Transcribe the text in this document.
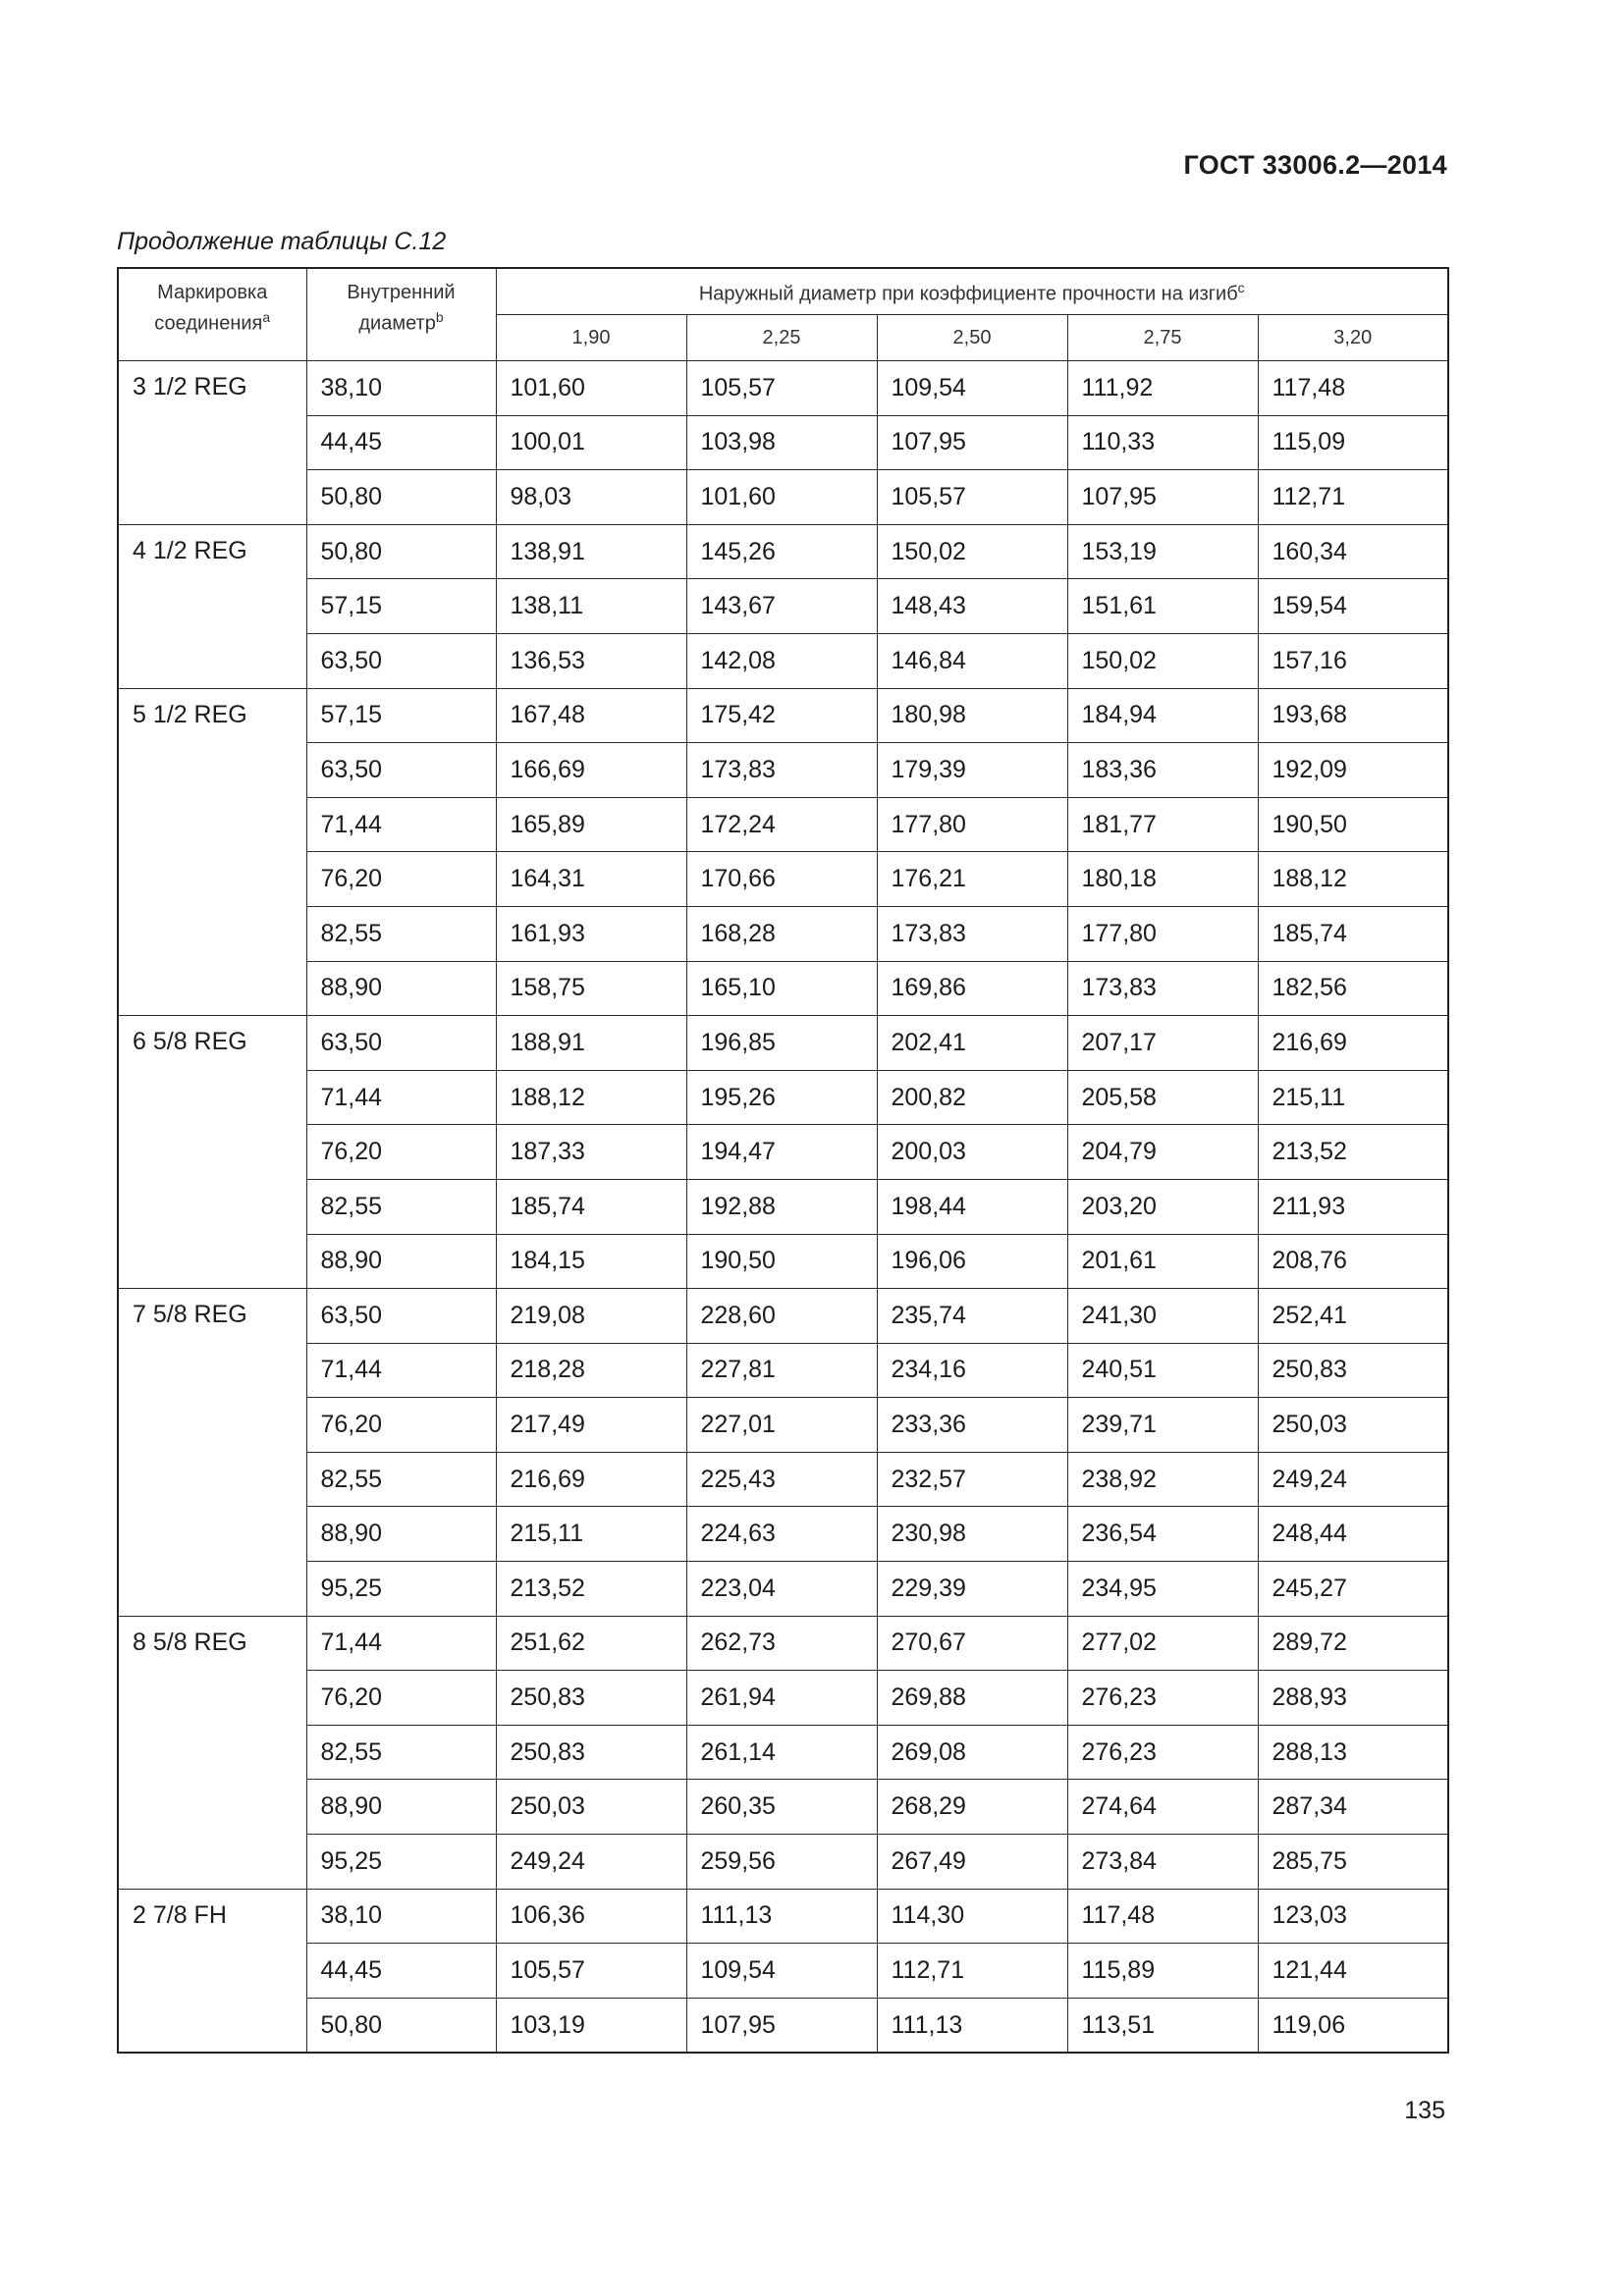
ГОСТ 33006.2—2014
Продолжение таблицы С.12
Маркировка соединения$^a$	Внутренний диаметр$^b$	Наружный диаметр при коэффициенте прочности на изгиб$^c$
		1,90	2,25	2,50	2,75	3,20
3 1/2 REG	38,10	101,60	105,57	109,54	111,92	117,48
	44,45	100,01	103,98	107,95	110,33	115,09
	50,80	98,03	101,60	105,57	107,95	112,71
4 1/2 REG	50,80	138,91	145,26	150,02	153,19	160,34
	57,15	138,11	143,67	148,43	151,61	159,54
	63,50	136,53	142,08	146,84	150,02	157,16
5 1/2 REG	57,15	167,48	175,42	180,98	184,94	193,68
	63,50	166,69	173,83	179,39	183,36	192,09
	71,44	165,89	172,24	177,80	181,77	190,50
	76,20	164,31	170,66	176,21	180,18	188,12
	82,55	161,93	168,28	173,83	177,80	185,74
	88,90	158,75	165,10	169,86	173,83	182,56
6 5/8 REG	63,50	188,91	196,85	202,41	207,17	216,69
	71,44	188,12	195,26	200,82	205,58	215,11
	76,20	187,33	194,47	200,03	204,79	213,52
	82,55	185,74	192,88	198,44	203,20	211,93
	88,90	184,15	190,50	196,06	201,61	208,76
7 5/8 REG	63,50	219,08	228,60	235,74	241,30	252,41
	71,44	218,28	227,81	234,16	240,51	250,83
	76,20	217,49	227,01	233,36	239,71	250,03
	82,55	216,69	225,43	232,57	238,92	249,24
	88,90	215,11	224,63	230,98	236,54	248,44
	95,25	213,52	223,04	229,39	234,95	245,27
8 5/8 REG	71,44	251,62	262,73	270,67	277,02	289,72
	76,20	250,83	261,94	269,88	276,23	288,93
	82,55	250,83	261,14	269,08	276,23	288,13
	88,90	250,03	260,35	268,29	274,64	287,34
	95,25	249,24	259,56	267,49	273,84	285,75
2 7/8 FH	38,10	106,36	111,13	114,30	117,48	123,03
	44,45	105,57	109,54	112,71	115,89	121,44
	50,80	103,19	107,95	111,13	113,51	119,06
135
